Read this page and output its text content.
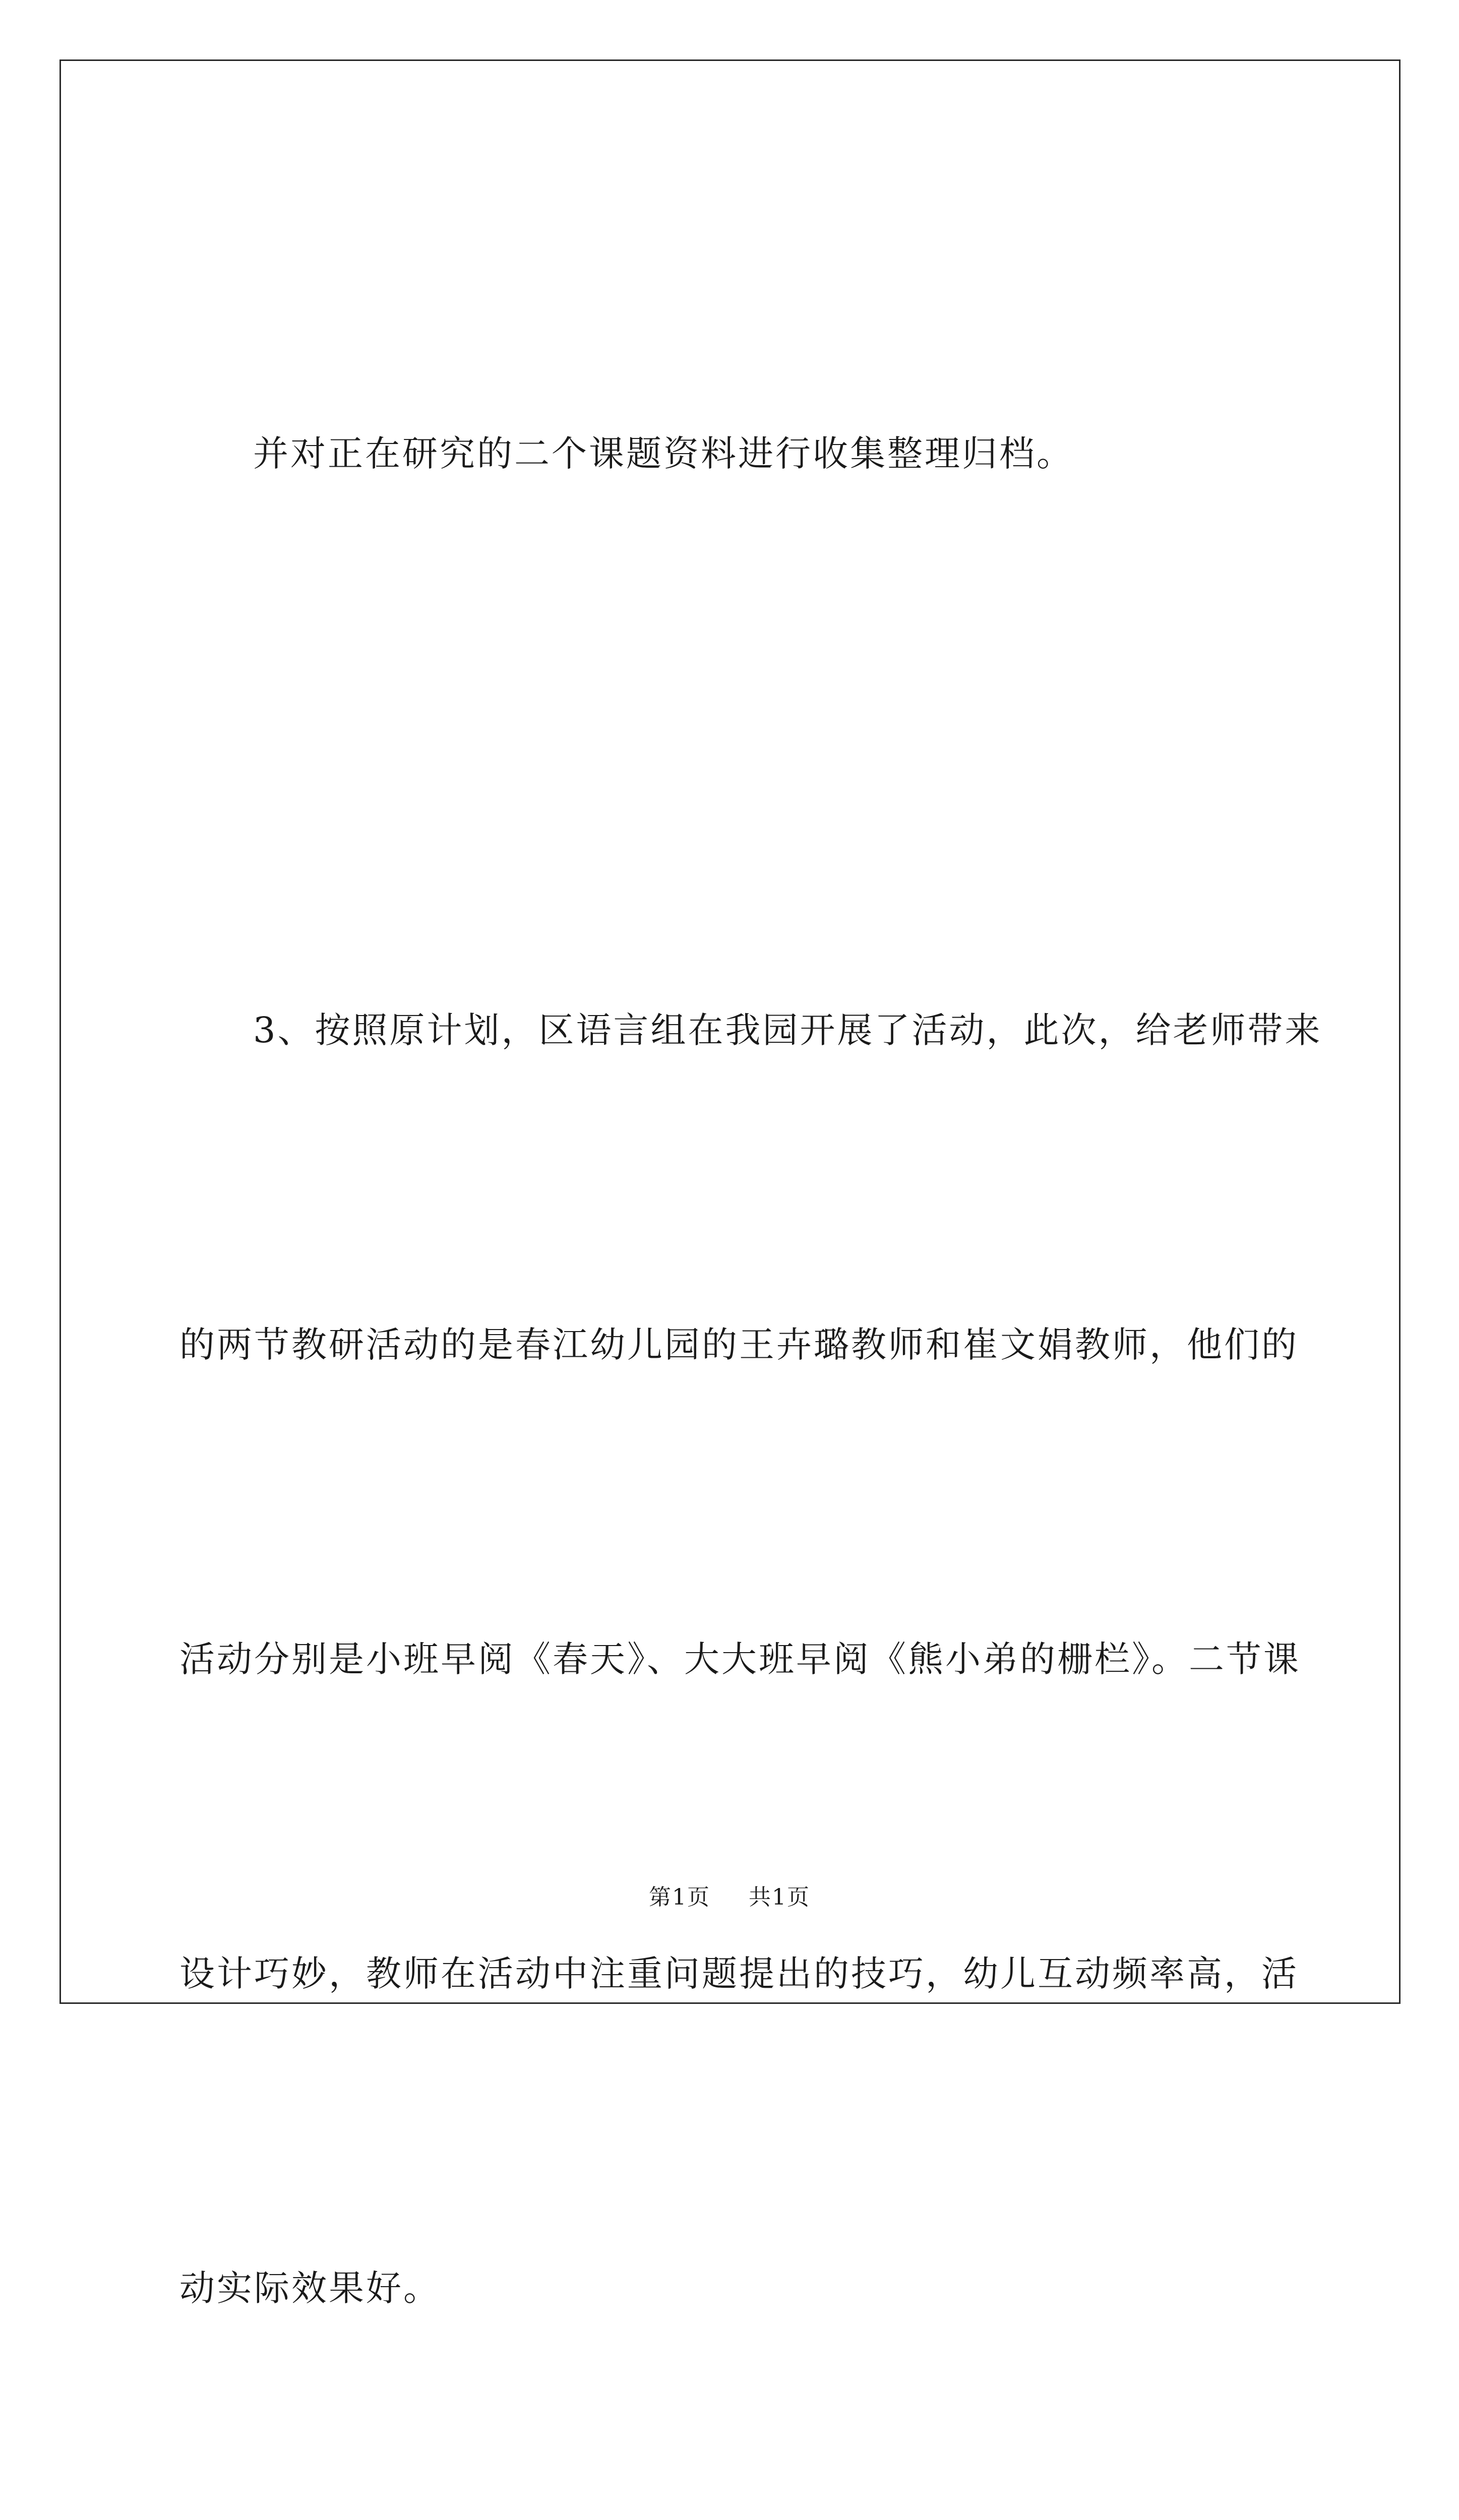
并对正在研究的二个课题资料进行收集整理归档。

3、按照原计划，区语言组在我园开展了活动，此次，给老师带来

的两节教研活动的是春江幼儿园的王卉璐教师和崔文娟教师，他们的

活动分别是小班早阅《春天》、大大班早阅《熊小弟的栅栏》。二节课

设计巧妙，教师在活动中注重问题提出的技巧，幼儿互动频率高，活

动实际效果好。

第1页 共1页
